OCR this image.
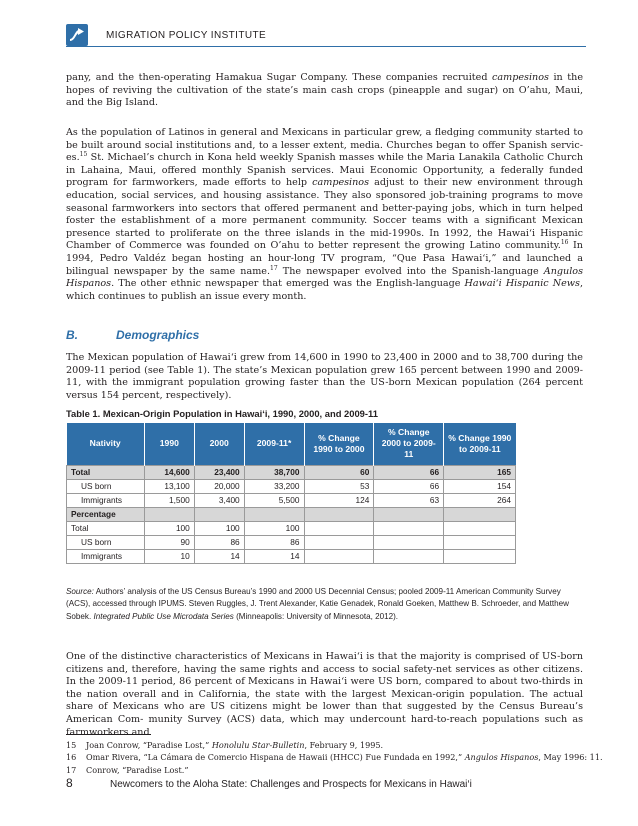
MIGRATION POLICY INSTITUTE

pany, and the then-operating Hamakua Sugar Company. These companies recruited campesinos in the hopes of reviving the cultivation of the state’s main cash crops (pineapple and sugar) on O’ahu, Maui, and the Big Island.

As the population of Latinos in general and Mexicans in particular grew, a fledging community started to be built around social institutions and, to a lesser extent, media. Churches began to offer Spanish servic- es.$^{15}$ St. Michael’s church in Kona held weekly Spanish masses while the Maria Lanakila Catholic Church in Lahaina, Maui, offered monthly Spanish services. Maui Economic Opportunity, a federally funded program for farmworkers, made efforts to help campesinos adjust to their new environment through education, social services, and housing assistance. They also sponsored job-training programs to move seasonal farmworkers into sectors that offered permanent and better-paying jobs, which in turn helped foster the establishment of a more permanent community. Soccer teams with a significant Mexican presence started to proliferate on the three islands in the mid-1990s. In 1992, the Hawai‘i Hispanic Chamber of Commerce was founded on O’ahu to better represent the growing Latino community.$^{16}$ In 1994, Pedro Valdéz began hosting an hour-long TV program, “Que Pasa Hawai‘i,” and launched a bilingual newspaper by the same name.$^{17}$ The newspaper evolved into the Spanish-language Angulos Hispanos. The other ethnic newspaper that emerged was the English-language Hawai‘i Hispanic News, which continues to publish an issue every month.

B.	Demographics

The Mexican population of Hawai‘i grew from 14,600 in 1990 to 23,400 in 2000 and to 38,700 during the 2009-11 period (see Table 1). The state’s Mexican population grew 165 percent between 1990 and 2009- 11, with the immigrant population growing faster than the US-born Mexican population (264 percent versus 154 percent, respectively).

Table 1. Mexican-Origin Population in Hawai‘i, 1990, 2000, and 2009-11
Nativity	1990	2000	2009-11*	% Change 1990 to 2000	% Change 2000 to 2009-11	% Change 1990 to 2009-11
Total	14,600	23,400	38,700	60	66	165
US born	13,100	20,000	33,200	53	66	154
Immigrants	1,500	3,400	5,500	124	63	264
Percentage						
Total	100	100	100			
US born	90	86	86			
Immigrants	10	14	14			

Source: Authors’ analysis of the US Census Bureau’s 1990 and 2000 US Decennial Census; pooled 2009-11 American Community Survey (ACS), accessed through IPUMS. Steven Ruggles, J. Trent Alexander, Katie Genadek, Ronald Goeken, Matthew B. Schroeder, and Matthew Sobek. Integrated Public Use Microdata Series (Minneapolis: University of Minnesota, 2012).

One of the distinctive characteristics of Mexicans in Hawai‘i is that the majority is comprised of US-born citizens and, therefore, having the same rights and access to social safety-net services as other citizens. In the 2009-11 period, 86 percent of Mexicans in Hawai‘i were US born, compared to about two-thirds in the nation overall and in California, the state with the largest Mexican-origin population. The actual share of Mexicans who are US citizens might be lower than that suggested by the Census Bureau’s American Com- munity Survey (ACS) data, which may undercount hard-to-reach populations such as farmworkers and

15 Joan Conrow, “Paradise Lost,” Honolulu Star-Bulletin, February 9, 1995.
16 Omar Rivera, “La Cámara de Comercio Hispana de Hawaii (HHCC) Fue Fundada en 1992,” Angulos Hispanos, May 1996: 11.
17 Conrow, “Paradise Lost.”
8	Newcomers to the Aloha State: Challenges and Prospects for Mexicans in Hawai‘i
